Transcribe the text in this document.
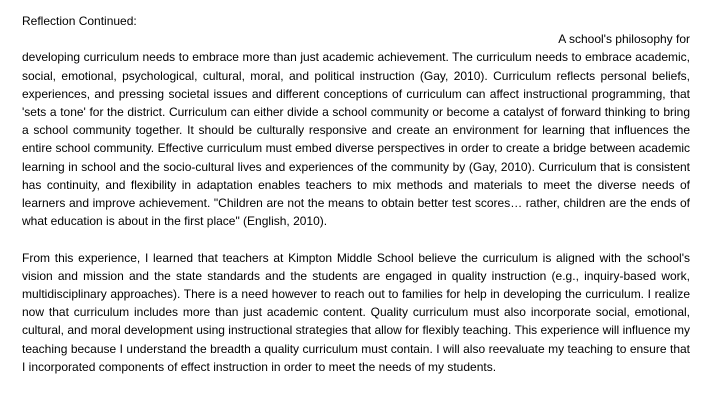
Reflection Continued:

A school's philosophy for

developing curriculum needs to embrace more than just academic achievement. The curriculum needs to embrace academic, social, emotional, psychological, cultural, moral, and political instruction (Gay, 2010). Curriculum reflects personal beliefs, experiences, and pressing societal issues and different conceptions of curriculum can affect instructional programming, that 'sets a tone' for the district. Curriculum can either divide a school community or become a catalyst of forward thinking to bring a school community together. It should be culturally responsive and create an environment for learning that influences the entire school community. Effective curriculum must embed diverse perspectives in order to create a bridge between academic learning in school and the socio-cultural lives and experiences of the community by (Gay, 2010). Curriculum that is consistent has continuity, and flexibility in adaptation enables teachers to mix methods and materials to meet the diverse needs of learners and improve achievement. "Children are not the means to obtain better test scores… rather, children are the ends of what education is about in the first place" (English, 2010).

From this experience, I learned that teachers at Kimpton Middle School believe the curriculum is aligned with the school's vision and mission and the state standards and the students are engaged in quality instruction (e.g., inquiry-based work, multidisciplinary approaches). There is a need however to reach out to families for help in developing the curriculum. I realize now that curriculum includes more than just academic content. Quality curriculum must also incorporate social, emotional, cultural, and moral development using instructional strategies that allow for flexibly teaching. This experience will influence my teaching because I understand the breadth a quality curriculum must contain. I will also reevaluate my teaching to ensure that I incorporated components of effect instruction in order to meet the needs of my students.
